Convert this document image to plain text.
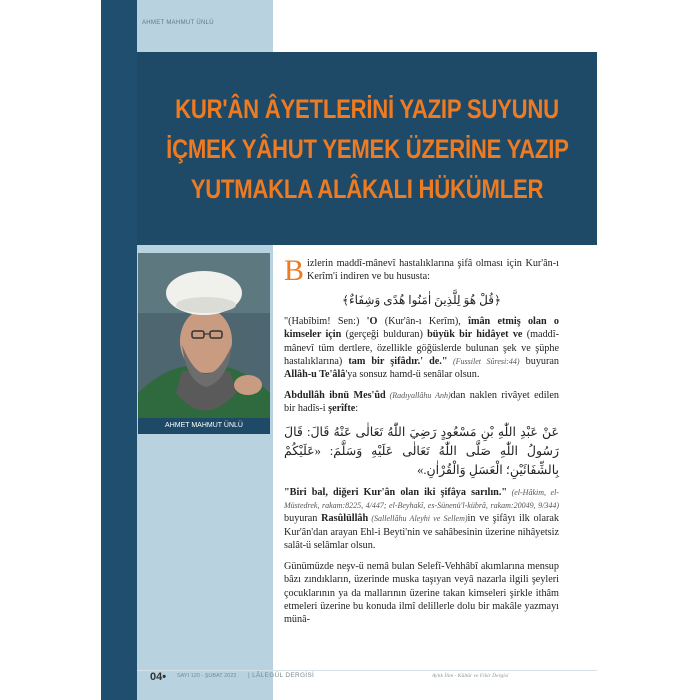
AHMET MAHMUT ÜNLÜ
KUR'ÂN ÂYETLERİNİ YAZIP SUYUNU
İÇMEK YÂHUT YEMEK ÜZERİNE YAZIP
YUTMAKLA ALÂKALI HÜKÜMLER
AHMET MAHMUT ÜNLÜ

Bizlerin maddî-mânevî hastalıklarına şifâ olması için Kur'ân-ı Kerîm'i indiren ve bu hususta:

﴿قُلْ هُوَ لِلَّذِينَ اٰمَنُوا هُدًى وَشِفَاءٌ﴾

"(Habîbim! Sen:) 'O (Kur'ân-ı Kerîm), îmân etmiş olan o kimseler için (gerçeği bulduran) büyük bir hidâyet ve (maddî-mânevî tüm dertlere, özellikle göğüslerde bulunan şek ve şüphe hastalıklarına) tam bir şifâdır.' de." (Fussilet Sûresi:44) buyuran Allâh-u Te'âlâ'ya sonsuz hamd-ü senâlar olsun.

Abdullâh ibnü Mes'ûd (Radıyallâhu Anh)dan naklen rivâyet edilen bir hadîs-i şerîfte:

عَنْ عَبْدِ اللّٰهِ بْنِ مَسْعُودٍ رَضِيَ اللّٰهُ تَعَالٰى عَنْهُ قَالَ: قَالَ رَسُولُ اللّٰهِ صَلَّى اللّٰهُ تَعَالٰى عَلَيْهِ وَسَلَّمَ: «عَلَيْكُمْ بِالشِّفَائَيْنِ؛ الْعَسَلِ وَالْقُرْاٰنِ.»

"Biri bal, diğeri Kur'ân olan iki şifâya sarılın." (el-Hâkim, el-Müstedrek, rakam:8225, 4/447; el-Beyhakî, es-Sünenü'l-kübrâ, rakam:20049, 9/344) buyuran Rasûlüllâh (Sallellâhu Aleyhi ve Sellem)in ve şifâyı ilk olarak Kur'ân'dan arayan Ehl-i Beyti'nin ve sahâbesinin üzerine nihâyetsiz salât-ü selâmlar olsun.

Günümüzde neşv-ü nemâ bulan Selefî-Vehhâbî akımlarına mensup bâzı zındıkların, üzerinde muska taşıyan veyâ nazarla ilgili şeyleri çocuklarının ya da mallarının üzerine takan kimseleri şirkle ithâm etmeleri üzerine bu konuda ilmî delillerle dolu bir makâle yazmayı münâ-

04• SAYI 120 - ŞUBAT 2023 | LÂLEGÜL DERGİSİ	Aylık İlim - Kültür ve Fikir Dergisi
